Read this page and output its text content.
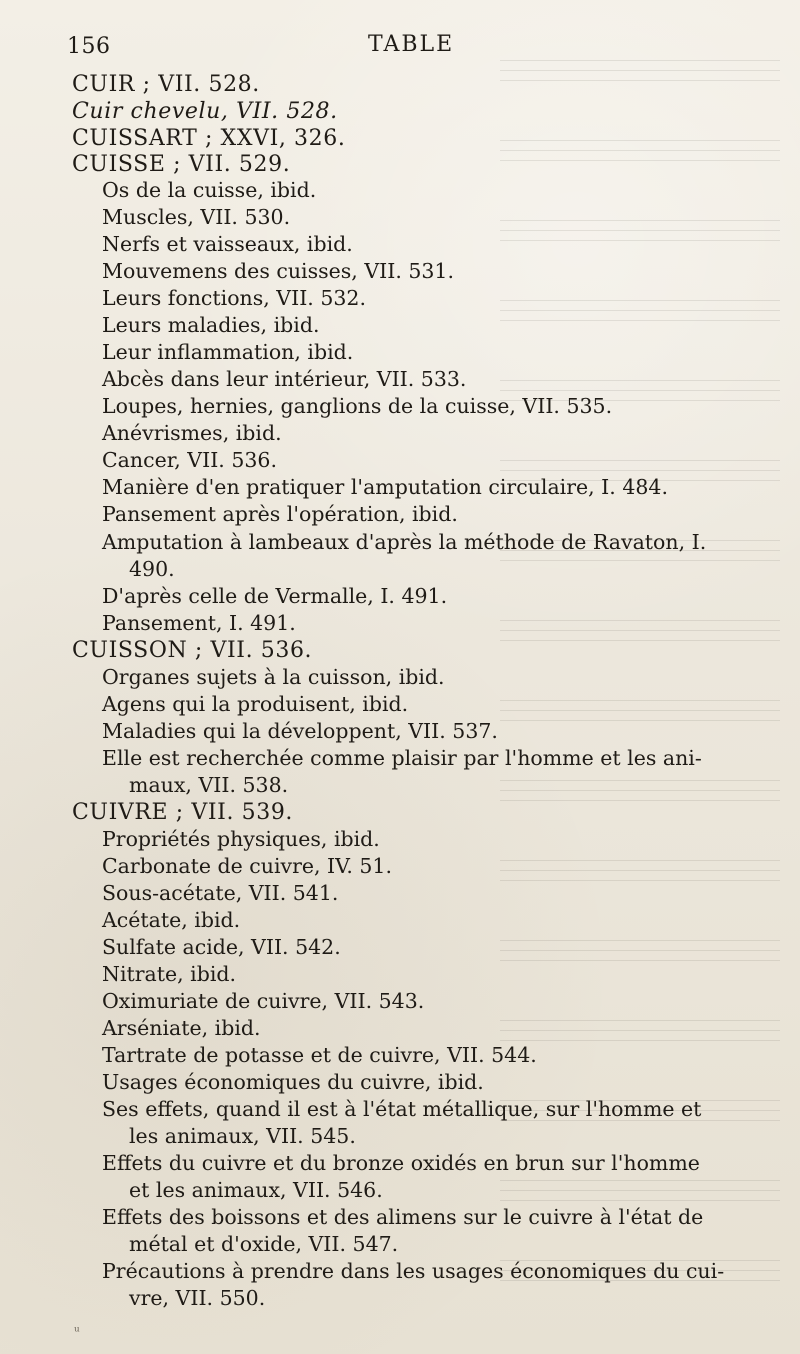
156	TABLE
CUIR ; VII. 528.
Cuir chevelu, VII. 528.
CUISSART ; XXVI, 326.
CUISSE ; VII. 529.
Os de la cuisse, ibid.
Muscles, VII. 530.
Nerfs et vaisseaux, ibid.
Mouvemens des cuisses, VII. 531.
Leurs fonctions, VII. 532.
Leurs maladies, ibid.
Leur inflammation, ibid.
Abcès dans leur intérieur, VII. 533.
Loupes, hernies, ganglions de la cuisse, VII. 535.
Anévrismes, ibid.
Cancer, VII. 536.
Manière d'en pratiquer l'amputation circulaire, I. 484.
Pansement après l'opération, ibid.
Amputation à lambeaux d'après la méthode de Ravaton, I.
490.
D'après celle de Vermalle, I. 491.
Pansement, I. 491.
CUISSON ; VII. 536.
Organes sujets à la cuisson, ibid.
Agens qui la produisent, ibid.
Maladies qui la développent, VII. 537.
Elle est recherchée comme plaisir par l'homme et les ani-
maux, VII. 538.
CUIVRE ; VII. 539.
Propriétés physiques, ibid.
Carbonate de cuivre, IV. 51.
Sous-acétate, VII. 541.
Acétate, ibid.
Sulfate acide, VII. 542.
Nitrate, ibid.
Oximuriate de cuivre, VII. 543.
Arséniate, ibid.
Tartrate de potasse et de cuivre, VII. 544.
Usages économiques du cuivre, ibid.
Ses effets, quand il est à l'état métallique, sur l'homme et
les animaux, VII. 545.
Effets du cuivre et du bronze oxidés en brun sur l'homme
et les animaux, VII. 546.
Effets des boissons et des alimens sur le cuivre à l'état de
métal et d'oxide, VII. 547.
Précautions à prendre dans les usages économiques du cui-
vre, VII. 550.
ᵘ
